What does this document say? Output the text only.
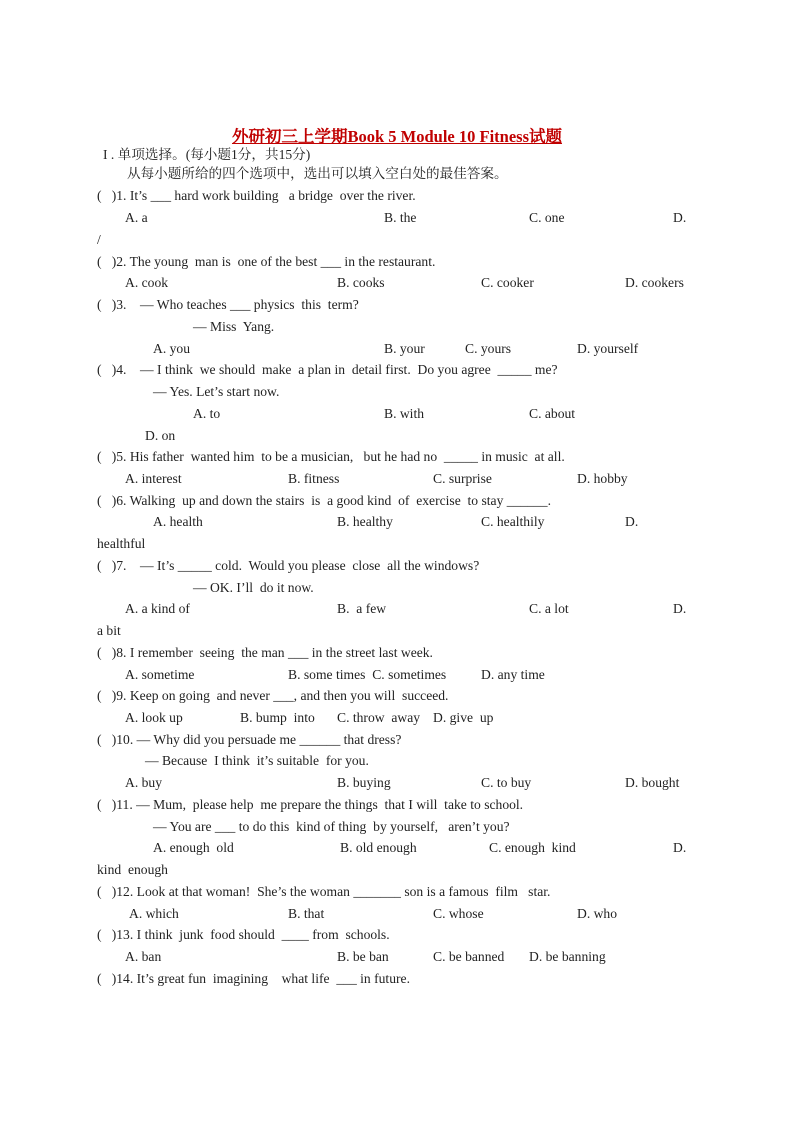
外研初三上学期Book 5 Module 10 Fitness试题
I . 单项选择。(每小题1分，共15分)
从每小题所给的四个选项中，选出可以填入空白处的最佳答案。
(   )1. It’s ___ hard work building   a bridge  over the river.
A. a	B. the	C. one	D.
/
(   )2. The young  man is  one of the best ___ in the restaurant.
A. cook	B. cooks	C. cooker	D. cookers
(   )3.    — Who teaches ___ physics  this  term?
— Miss  Yang.
A. you	B. your	C. yours	D. yourself
(   )4.    — I think  we should  make  a plan in  detail first.  Do you agree  _____ me?
— Yes. Let’s start now.
A. to	B. with	C. about
D. on
(   )5. His father  wanted him  to be a musician,   but he had no  _____ in music  at all.
A. interest	B. fitness	C. surprise	D. hobby
(   )6. Walking  up and down the stairs  is  a good kind  of  exercise  to stay ______.
A. health	B. healthy	C. healthily	D.
healthful
(   )7.    — It’s _____ cold.  Would you please  close  all the windows?
— OK. I’ll  do it now.
A. a kind of	B.  a few	C. a lot	D.
a bit
(   )8. I remember  seeing  the man ___ in the street last week.
A. sometime	B. some times  C. sometimes	D. any time
(   )9. Keep on going  and never ___, and then you will  succeed.
A. look up	B. bump  into C. throw  away D. give  up
(   )10. — Why did you persuade me ______ that dress?
— Because  I think  it’s suitable  for you.
A. buy	B. buying	C. to buy	D. bought
(   )11. — Mum,  please help  me prepare the things  that I will  take to school.
— You are ___ to do this  kind of thing  by yourself,   aren’t you?
A. enough  old	B. old enough	C. enough  kind	D.
kind  enough
(   )12. Look at that woman!  She’s the woman _______ son is a famous  film   star.
A. which	B. that	C. whose	D. who
(   )13. I think  junk  food should  ____ from  schools.
A. ban	B. be ban	C. be banned D. be banning
(   )14. It’s great fun  imagining    what life  ___ in future.
